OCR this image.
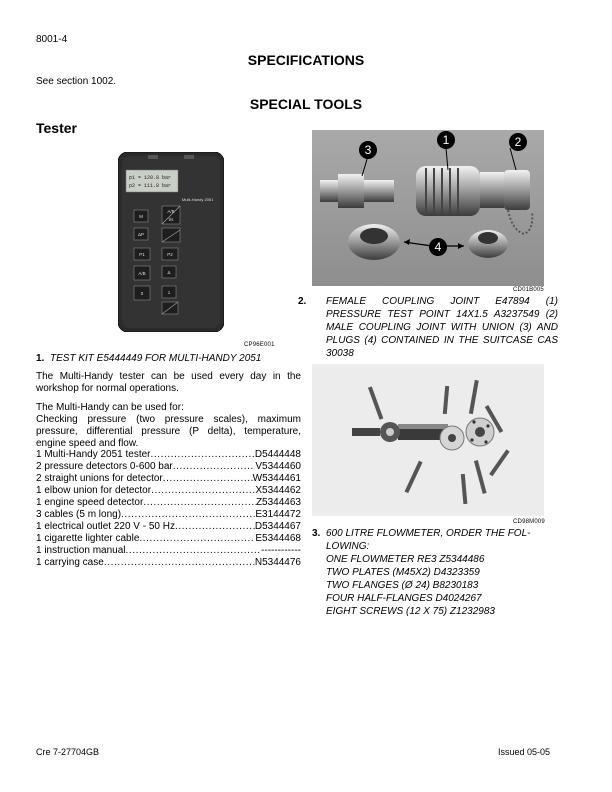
8001-4
SPECIFICATIONS
See section 1002.
SPECIAL TOOLS
Tester
Multi-Handy 2051
p1 = 120.8 bar
p2 = 111.8 bar
M
A/B
t/s
ΔP
P1	P2
A/B	Δ
0	1
CP96E001
1. TEST KIT E5444449 FOR MULTI-HANDY 2051
The Multi-Handy tester can be used every day in the workshop for normal operations.
The Multi-Handy can be used for:
Checking pressure (two pressure scales), maximum pressure, differential pressure (P delta), temperature, engine speed and flow.
1 Multi-Handy 2051 tester .....	D5444448
2 pressure detectors 0-600 bar .....	V5344460
2 straight unions for detector .....	W5344461
1 elbow union for detector .....	X5344462
1 engine speed detector .....	Z5344463
3 cables (5 m long) .....	E3144472
1 electrical outlet 220 V - 50 Hz .....	D5344467
1 cigarette lighter cable .....	E5344468
1 instruction manual .....	------------
1 carrying case .....	N5344476
1	2
3
4
CD01B005
2. FEMALE COUPLING JOINT E47894 (1) PRESSURE TEST POINT 14X1.5 A3237549 (2) MALE COUPLING JOINT WITH UNION (3) AND PLUGS (4) CONTAINED IN THE SUITCASE CAS 30038
CD98M009
3. 600 LITRE FLOWMETER, ORDER THE FOL-
LOWING:
ONE FLOWMETER RE3 Z5344486
TWO PLATES (M45X2) D4323359
TWO FLANGES (Ø 24) B8230183
FOUR HALF-FLANGES D4024267
EIGHT SCREWS (12 X 75) Z1232983
Cre 7-27704GB	Issued 05-05
